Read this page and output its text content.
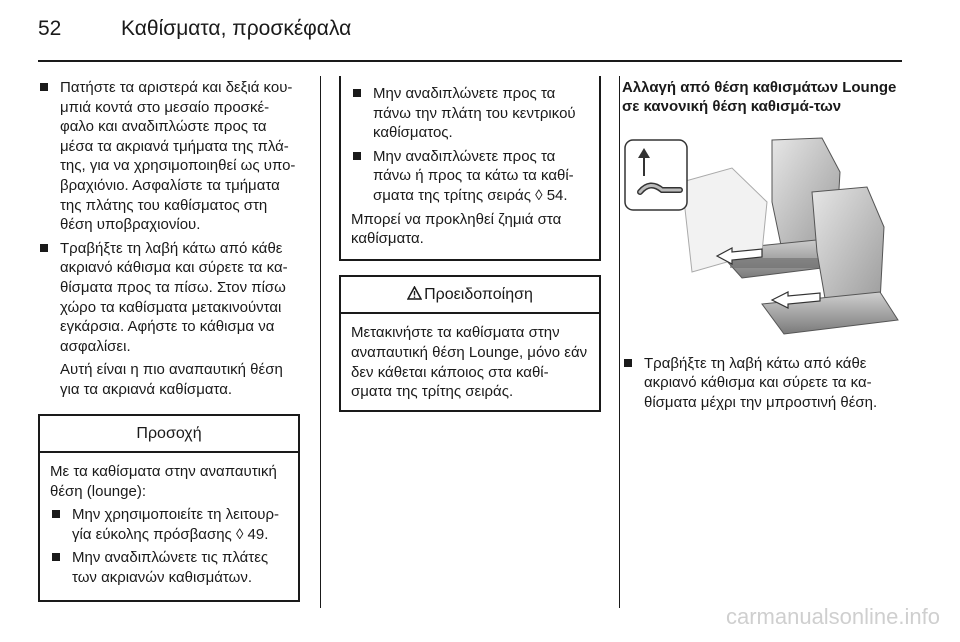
52	Καθίσματα, προσκέφαλα
Πατήστε τα αριστερά και δεξιά κου-μπιά κοντά στο μεσαίο προσκέ-φαλο και αναδιπλώστε προς τα μέσα τα ακριανά τμήματα της πλά-της, για να χρησιμοποιηθεί ως υπο-βραχιόνιο. Ασφαλίστε τα τμήματα της πλάτης του καθίσματος στη θέση υποβραχιονίου.
Τραβήξτε τη λαβή κάτω από κάθε ακριανό κάθισμα και σύρετε τα κα-θίσματα προς τα πίσω. Στον πίσω χώρο τα καθίσματα μετακινούνται εγκάρσια. Αφήστε το κάθισμα να ασφαλίσει.

Αυτή είναι η πιο αναπαυτική θέση για τα ακριανά καθίσματα.

Προσοχή

Με τα καθίσματα στην αναπαυτική θέση (lounge):

Μην χρησιμοποιείτε τη λειτουρ-γία εύκολης πρόσβασης ◊ 49.
Μην αναδιπλώνετε τις πλάτες των ακριανών καθισμάτων.
Μην αναδιπλώνετε προς τα πάνω την πλάτη του κεντρικού καθίσματος.
Μην αναδιπλώνετε προς τα πάνω ή προς τα κάτω τα καθί-σματα της τρίτης σειράς ◊ 54.

Μπορεί να προκληθεί ζημιά στα καθίσματα.

Προειδοποίηση

Μετακινήστε τα καθίσματα στην αναπαυτική θέση Lounge, μόνο εάν δεν κάθεται κάποιος στα καθί-σματα της τρίτης σειράς.

Αλλαγή από θέση καθισμάτων Lounge σε κανονική θέση καθισμά-των
Τραβήξτε τη λαβή κάτω από κάθε ακριανό κάθισμα και σύρετε τα κα-θίσματα μέχρι την μπροστινή θέση.
carmanualsonline.info
